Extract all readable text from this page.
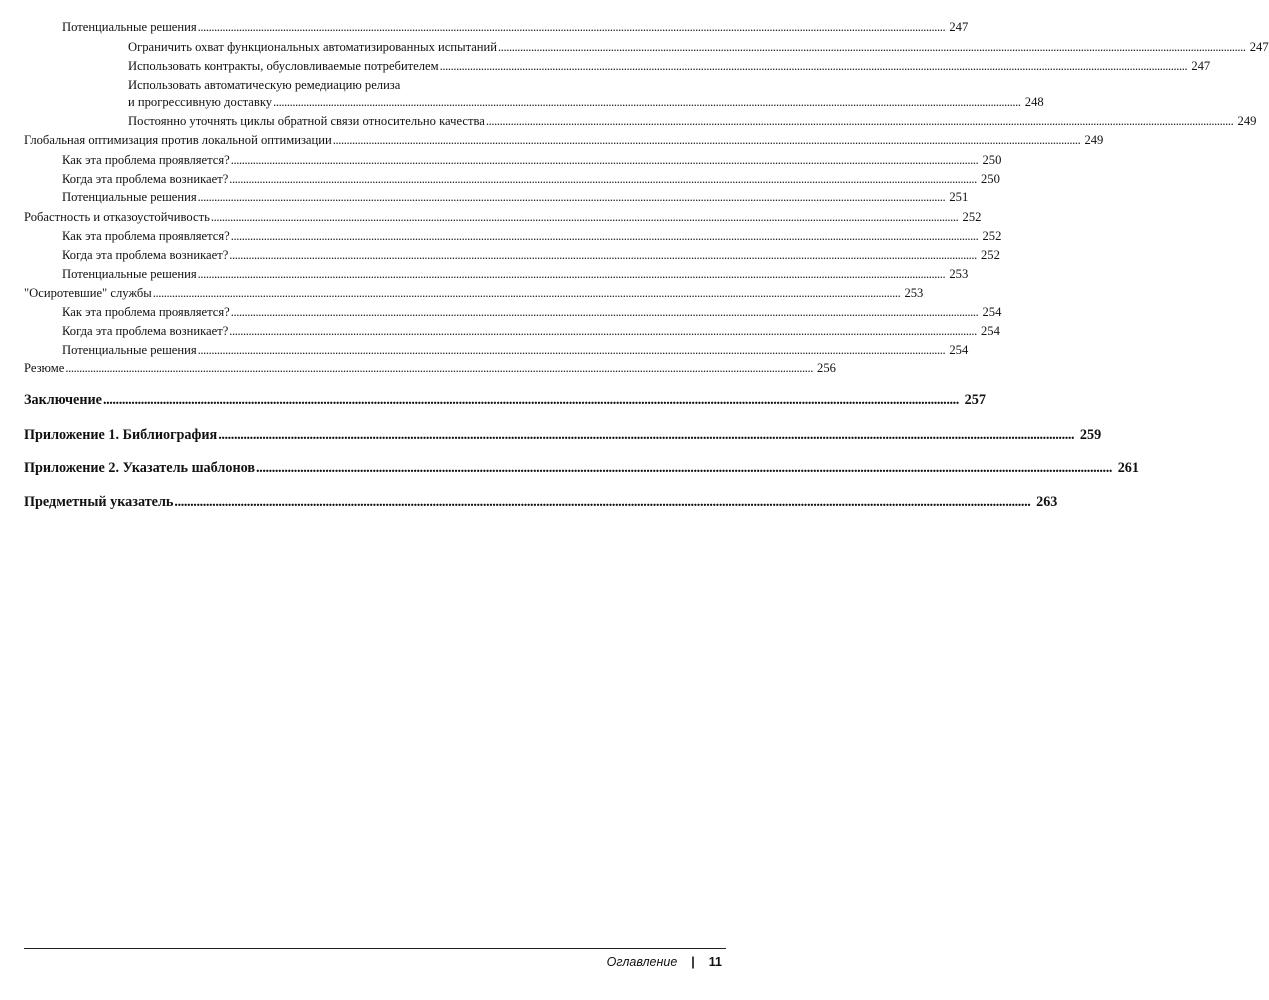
Потенциальные решения .....	247
Ограничить охват функциональных автоматизированных испытаний .....	247
Использовать контракты, обусловливаемые потребителем .....	247
Использовать автоматическую ремедиацию релиза
и прогрессивную доставку .....	248
Постоянно уточнять циклы обратной связи относительно качества .....	249
Глобальная оптимизация против локальной оптимизации .....	249
Как эта проблема проявляется? .....	250
Когда эта проблема возникает? .....	250
Потенциальные решения .....	251
Робастность и отказоустойчивость .....	252
Как эта проблема проявляется? .....	252
Когда эта проблема возникает? .....	252
Потенциальные решения .....	253
"Осиротевшие" службы .....	253
Как эта проблема проявляется? .....	254
Когда эта проблема возникает? .....	254
Потенциальные решения .....	254
Резюме .....	256
Заключение .....	257
Приложение 1. Библиография .....	259
Приложение 2. Указатель шаблонов .....	261
Предметный указатель .....	263
Оглавление | 11
